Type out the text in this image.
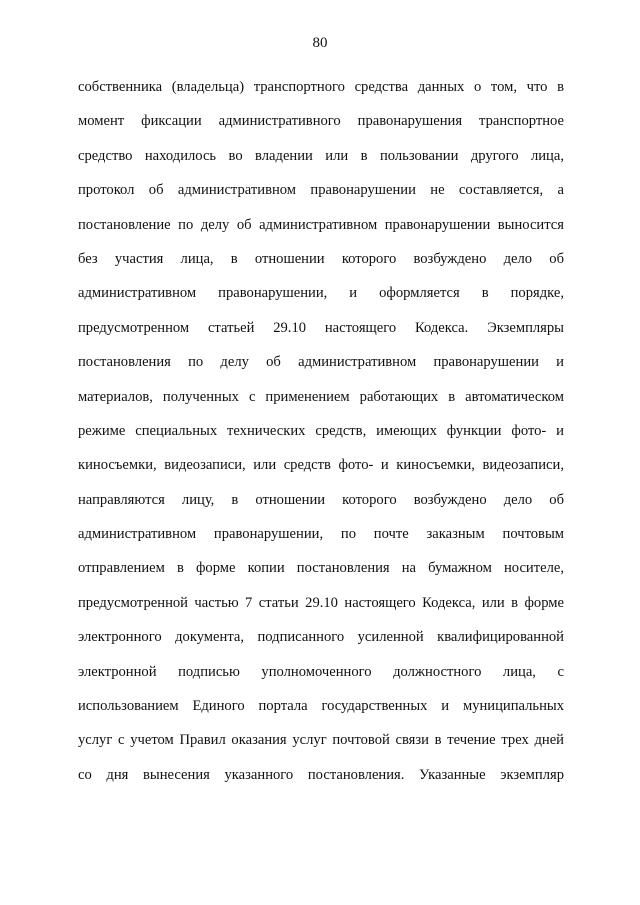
80
собственника (владельца) транспортного средства данных о том, что в
момент фиксации административного правонарушения транспортное
средство находилось во владении или в пользовании другого лица,
протокол об административном правонарушении не составляется, а
постановление по делу об административном правонарушении выносится
без участия лица, в отношении которого возбуждено дело об
административном правонарушении, и оформляется в порядке,
предусмотренном статьей 29.10 настоящего Кодекса. Экземпляры
постановления по делу об административном правонарушении и
материалов, полученных с применением работающих в автоматическом
режиме специальных технических средств, имеющих функции фото- и
киносъемки, видеозаписи, или средств фото- и киносъемки, видеозаписи,
направляются лицу, в отношении которого возбуждено дело об
административном правонарушении, по почте заказным почтовым
отправлением в форме копии постановления на бумажном носителе,
предусмотренной частью 7 статьи 29.10 настоящего Кодекса, или в форме
электронного документа, подписанного усиленной квалифицированной
электронной подписью уполномоченного должностного лица, с
использованием Единого портала государственных и муниципальных
услуг с учетом Правил оказания услуг почтовой связи в течение трех дней
со дня вынесения указанного постановления. Указанные экземпляр
